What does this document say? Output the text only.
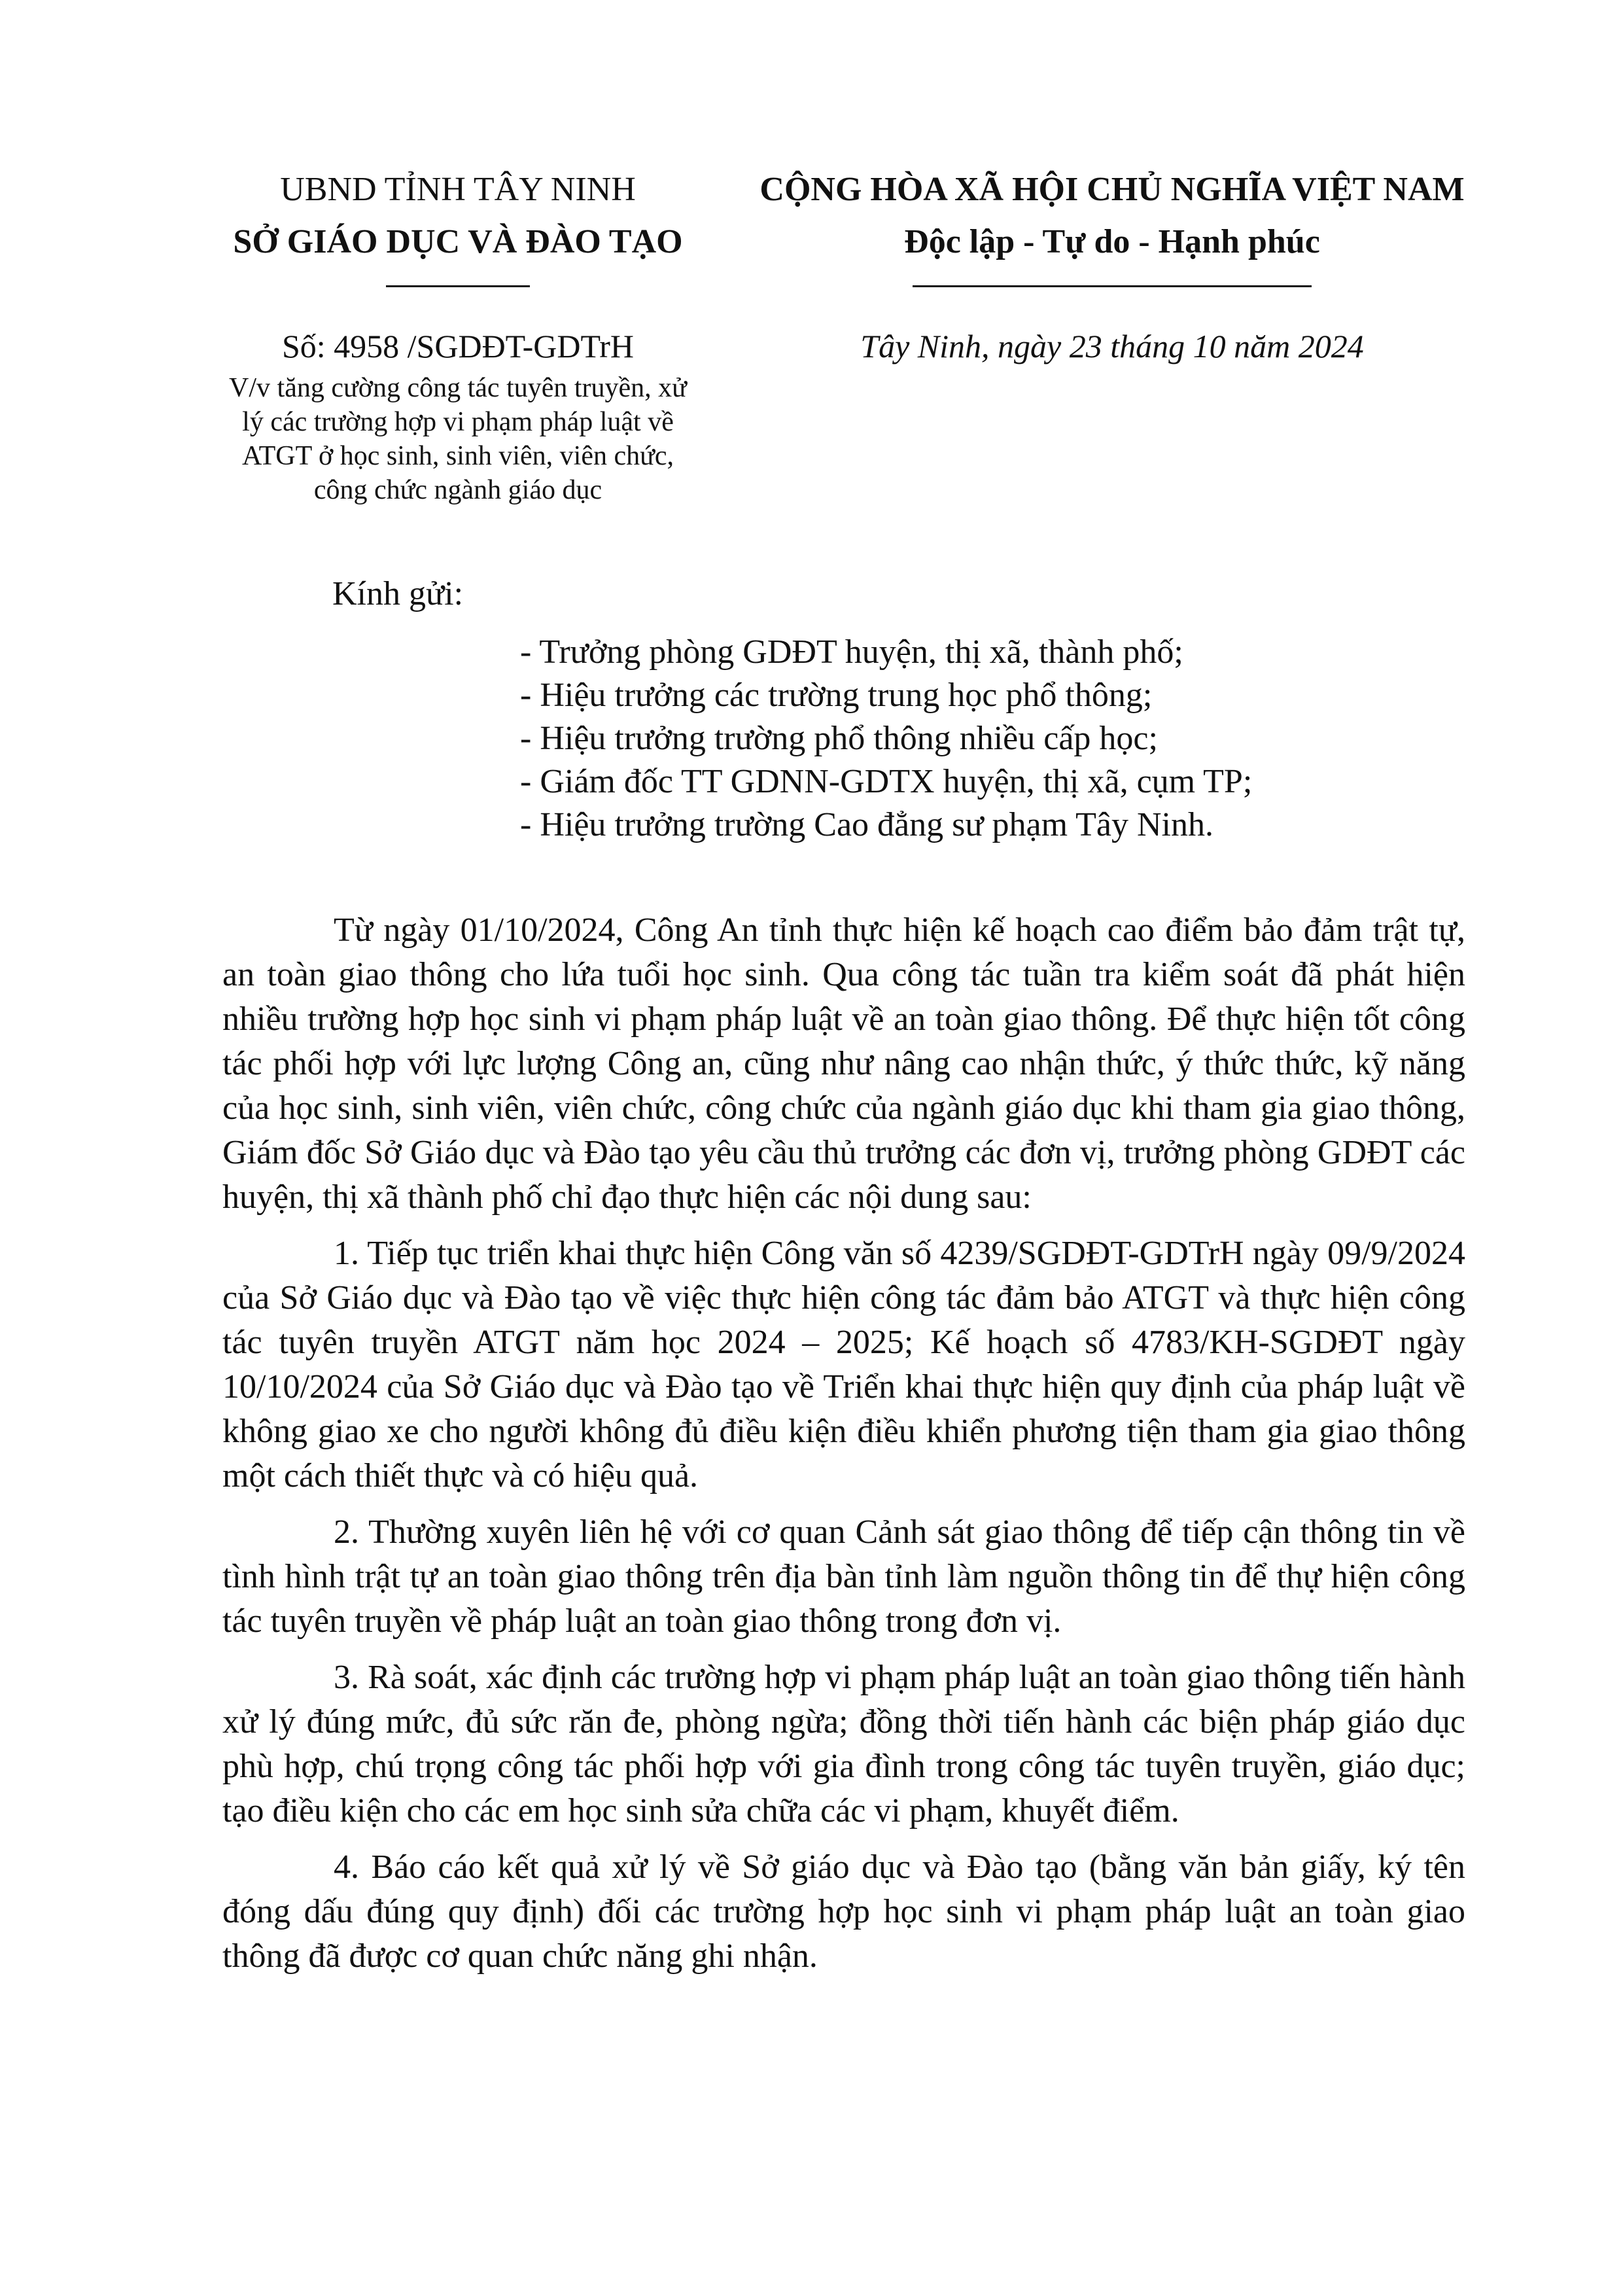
UBND TỈNH TÂY NINH
SỞ GIÁO DỤC VÀ ĐÀO TẠO
Số: 4958 /SGDĐT-GDTrH
V/v tăng cường công tác tuyên truyền, xử
lý các trường hợp vi phạm pháp luật về
ATGT ở học sinh, sinh viên, viên chức,
công chức ngành giáo dục
CỘNG HÒA XÃ HỘI CHỦ NGHĨA VIỆT NAM
Độc lập - Tự do - Hạnh phúc
Tây Ninh, ngày 23 tháng 10 năm 2024
Kính gửi:
- Trưởng phòng GDĐT huyện, thị xã, thành phố;
- Hiệu trưởng các trường trung học phổ thông;
- Hiệu trưởng trường phổ thông nhiều cấp học;
- Giám đốc TT GDNN-GDTX huyện, thị xã, cụm TP;
- Hiệu trưởng trường Cao đẳng sư phạm Tây Ninh.

Từ ngày 01/10/2024, Công An tỉnh thực hiện kế hoạch cao điểm bảo đảm trật tự, an toàn giao thông cho lứa tuổi học sinh. Qua công tác tuần tra kiểm soát đã phát hiện nhiều trường hợp học sinh vi phạm pháp luật về an toàn giao thông. Để thực hiện tốt công tác phối hợp với lực lượng Công an, cũng như nâng cao nhận thức, ý thức thức, kỹ năng của học sinh, sinh viên, viên chức, công chức của ngành giáo dục khi tham gia giao thông, Giám đốc Sở Giáo dục và Đào tạo yêu cầu thủ trưởng các đơn vị, trưởng phòng GDĐT các huyện, thị xã thành phố chỉ đạo thực hiện các nội dung sau:

1. Tiếp tục triển khai thực hiện Công văn số 4239/SGDĐT-GDTrH ngày 09/9/2024 của Sở Giáo dục và Đào tạo về việc thực hiện công tác đảm bảo ATGT và thực hiện công tác tuyên truyền ATGT năm học 2024 – 2025; Kế hoạch số 4783/KH-SGDĐT ngày 10/10/2024 của Sở Giáo dục và Đào tạo về Triển khai thực hiện quy định của pháp luật về không giao xe cho người không đủ điều kiện điều khiển phương tiện tham gia giao thông một cách thiết thực và có hiệu quả.

2. Thường xuyên liên hệ với cơ quan Cảnh sát giao thông để tiếp cận thông tin về tình hình trật tự an toàn giao thông trên địa bàn tỉnh làm nguồn thông tin để thự hiện công tác tuyên truyền về pháp luật an toàn giao thông trong đơn vị.

3. Rà soát, xác định các trường hợp vi phạm pháp luật an toàn giao thông tiến hành xử lý đúng mức, đủ sức răn đe, phòng ngừa; đồng thời tiến hành các biện pháp giáo dục phù hợp, chú trọng công tác phối hợp với gia đình trong công tác tuyên truyền, giáo dục; tạo điều kiện cho các em học sinh sửa chữa các vi phạm, khuyết điểm.

4. Báo cáo kết quả xử lý về Sở giáo dục và Đào tạo (bằng văn bản giấy, ký tên đóng dấu đúng quy định) đối các trường hợp học sinh vi phạm pháp luật an toàn giao thông đã được cơ quan chức năng ghi nhận.
